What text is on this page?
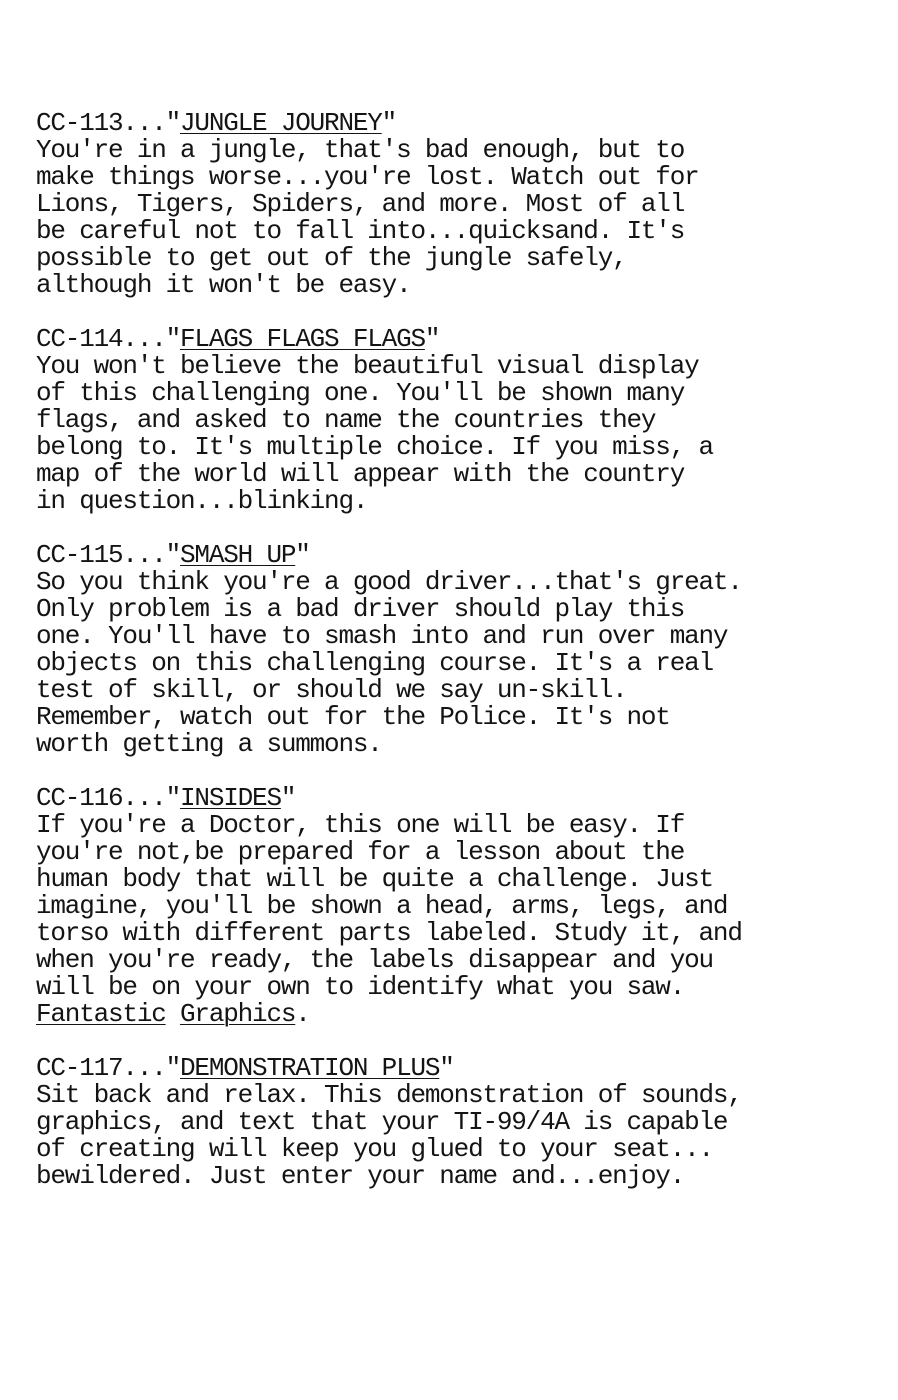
CC-113..."JUNGLE JOURNEY"
You're in a jungle, that's bad enough, but to
make things worse...you're lost. Watch out for
Lions, Tigers, Spiders, and more. Most of all
be careful not to fall into...quicksand. It's
possible to get out of the jungle safely,
although it won't be easy.
CC-114..."FLAGS FLAGS FLAGS"
You won't believe the beautiful visual display
of this challenging one. You'll be shown many
flags, and asked to name the countries they
belong to. It's multiple choice. If you miss, a
map of the world will appear with the country
in question...blinking.
CC-115..."SMASH UP"
So you think you're a good driver...that's great.
Only problem is a bad driver should play this
one. You'll have to smash into and run over many
objects on this challenging course. It's a real
test of skill, or should we say un-skill.
Remember, watch out for the Police. It's not
worth getting a summons.
CC-116..."INSIDES"
If you're a Doctor, this one will be easy. If
you're not,be prepared for a lesson about the
human body that will be quite a challenge. Just
imagine, you'll be shown a head, arms, legs, and
torso with different parts labeled. Study it, and
when you're ready, the labels disappear and you
will be on your own to identify what you saw.
Fantastic Graphics.
CC-117..."DEMONSTRATION PLUS"
Sit back and relax. This demonstration of sounds,
graphics, and text that your TI-99/4A is capable
of creating will keep you glued to your seat...
bewildered. Just enter your name and...enjoy.
